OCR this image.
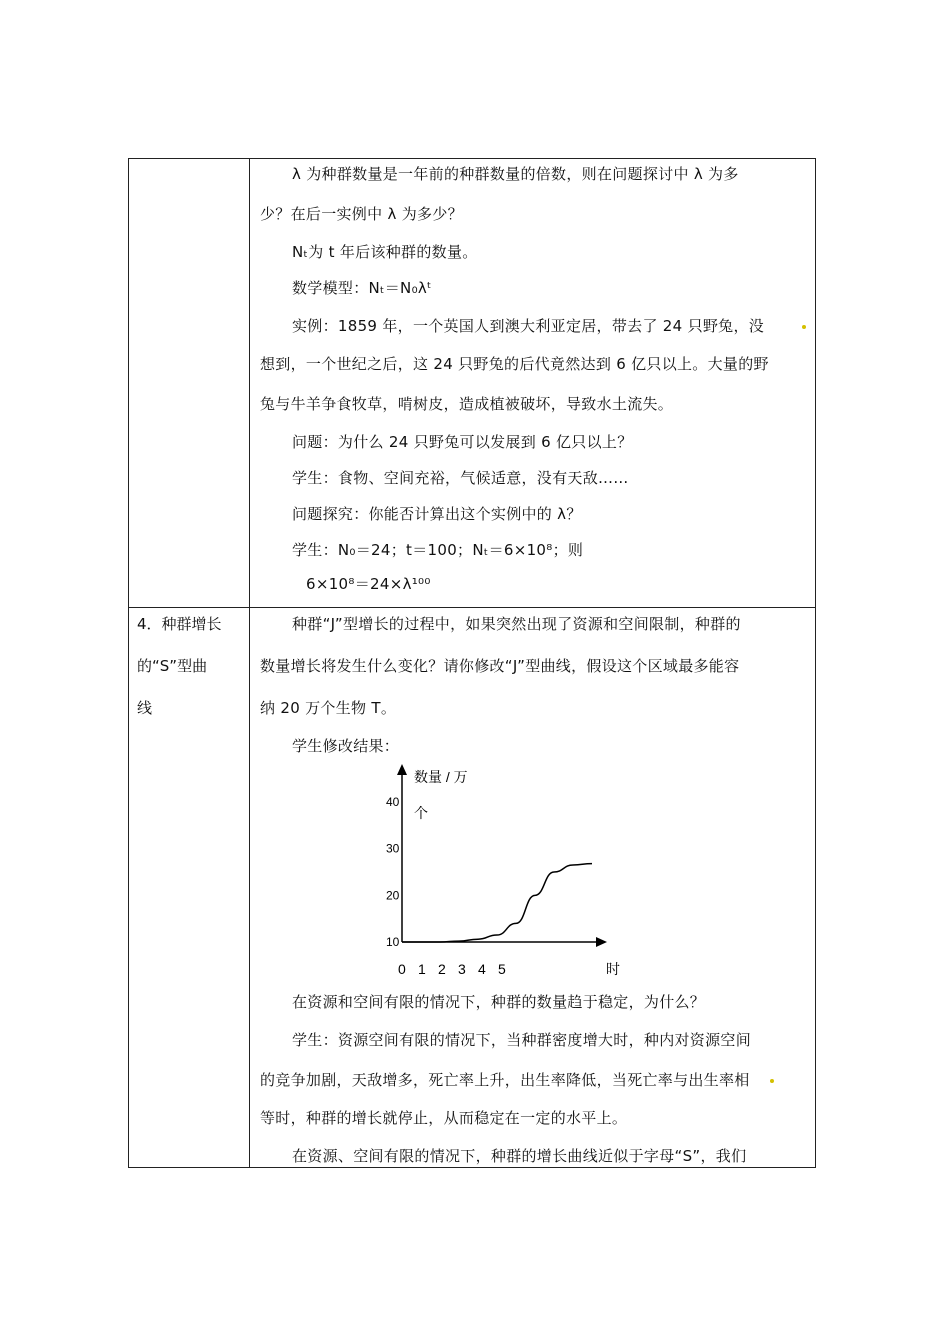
λ 为种群数量是一年前的种群数量的倍数，则在问题探讨中 λ 为多
少？在后一实例中 λ 为多少？
Nₜ为 t 年后该种群的数量。
数学模型：Nₜ＝N₀λᵗ
实例：1859 年，一个英国人到澳大利亚定居，带去了 24 只野兔，没
想到，一个世纪之后，这 24 只野兔的后代竟然达到 6 亿只以上。大量的野
兔与牛羊争食牧草，啃树皮，造成植被破坏，导致水土流失。
问题：为什么 24 只野兔可以发展到 6 亿只以上？
学生：食物、空间充裕，气候适意，没有天敌……
问题探究：你能否计算出这个实例中的 λ？
学生：N₀＝24；t＝100；Nₜ＝6×10⁸；则
6×10⁸＝24×λ¹⁰⁰
4．种群增长
的“S”型曲
线
种群“J”型增长的过程中，如果突然出现了资源和空间限制，种群的
数量增长将发生什么变化？请你修改“J”型曲线，假设这个区域最多能容
纳 20 万个生物 T。
学生修改结果：
数量 / 万
个
40
30
20
10
0 1 2 3 4 5	时
在资源和空间有限的情况下，种群的数量趋于稳定，为什么？
学生：资源空间有限的情况下，当种群密度增大时，种内对资源空间
的竞争加剧，天敌增多，死亡率上升，出生率降低，当死亡率与出生率相
等时，种群的增长就停止，从而稳定在一定的水平上。
在资源、空间有限的情况下，种群的增长曲线近似于字母“S”，我们
